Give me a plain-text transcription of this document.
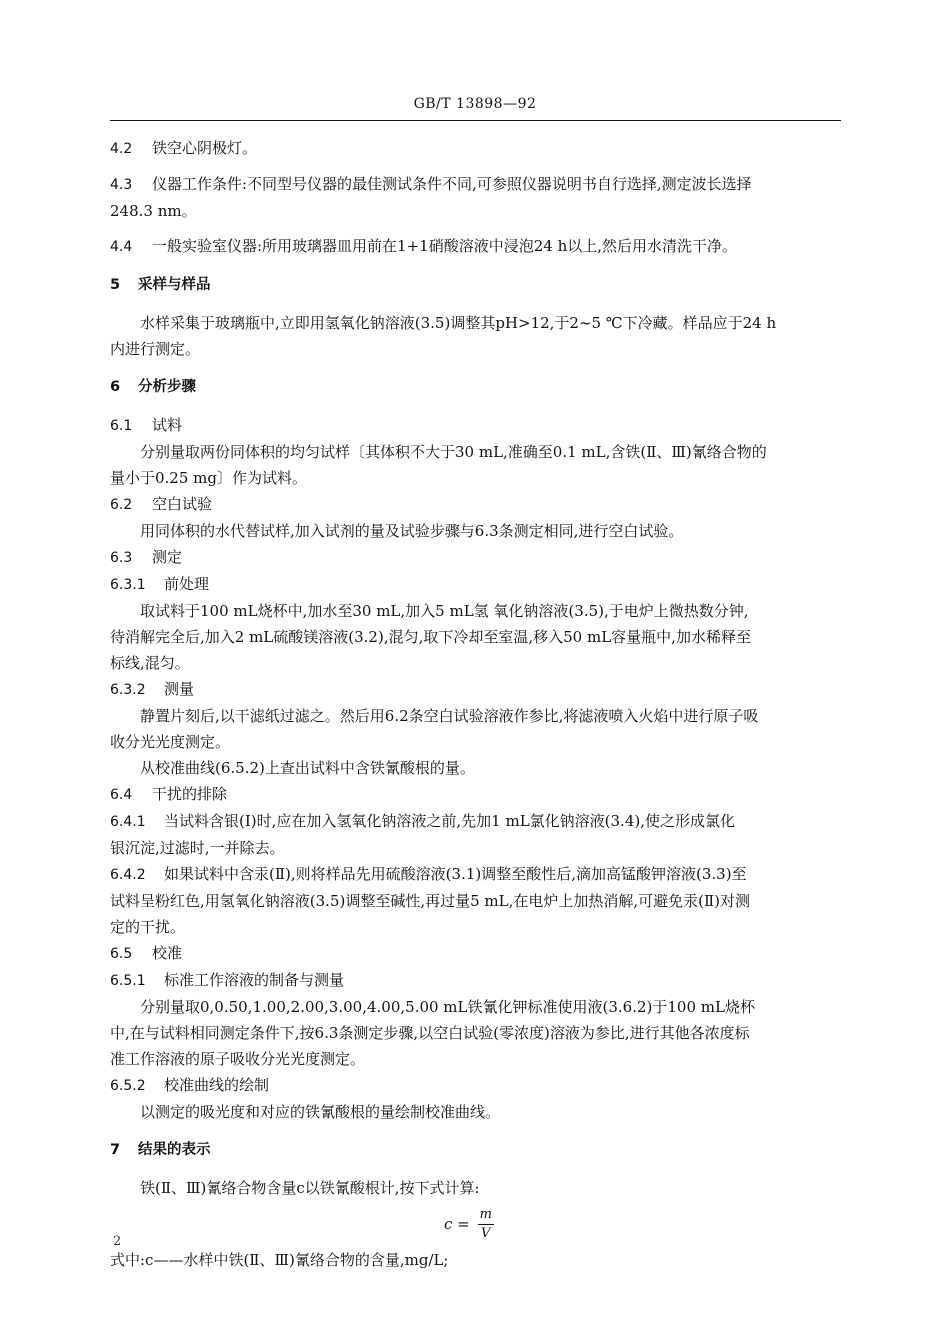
GB/T 13898—92

4.2 铁空心阴极灯。

4.3 仪器工作条件:不同型号仪器的最佳测试条件不同,可参照仪器说明书自行选择,测定波长选择

248.3 nm。

4.4 一般实验室仪器:所用玻璃器皿用前在1+1硝酸溶液中浸泡24 h以上,然后用水清洗干净。

5 采样与样品

水样采集于玻璃瓶中,立即用氢氧化钠溶液(3.5)调整其pH>12,于2~5 ℃下冷藏。样品应于24 h

内进行测定。

6 分析步骤

6.1 试料

分别量取两份同体积的均匀试样〔其体积不大于30 mL,准确至0.1 mL,含铁(Ⅱ、Ⅲ)氰络合物的

量小于0.25 mg〕作为试料。

6.2 空白试验

用同体积的水代替试样,加入试剂的量及试验步骤与6.3条测定相同,进行空白试验。

6.3 测定

6.3.1 前处理

取试料于100 mL烧杯中,加水至30 mL,加入5 mL氢 氧化钠溶液(3.5),于电炉上微热数分钟,

待消解完全后,加入2 mL硫酸镁溶液(3.2),混匀,取下冷却至室温,移入50 mL容量瓶中,加水稀释至

标线,混匀。

6.3.2 测量

静置片刻后,以干滤纸过滤之。然后用6.2条空白试验溶液作参比,将滤液喷入火焰中进行原子吸

收分光光度测定。

从校准曲线(6.5.2)上查出试料中含铁氰酸根的量。

6.4 干扰的排除

6.4.1 当试料含银(Ⅰ)时,应在加入氢氧化钠溶液之前,先加1 mL氯化钠溶液(3.4),使之形成氯化

银沉淀,过滤时,一并除去。

6.4.2 如果试料中含汞(Ⅱ),则将样品先用硫酸溶液(3.1)调整至酸性后,滴加高锰酸钾溶液(3.3)至

试料呈粉红色,用氢氧化钠溶液(3.5)调整至碱性,再过量5 mL,在电炉上加热消解,可避免汞(Ⅱ)对测

定的干扰。

6.5 校准

6.5.1 标准工作溶液的制备与测量

分别量取0,0.50,1.00,2.00,3.00,4.00,5.00 mL铁氰化钾标准使用液(3.6.2)于100 mL烧杯

中,在与试料相同测定条件下,按6.3条测定步骤,以空白试验(零浓度)溶液为参比,进行其他各浓度标

准工作溶液的原子吸收分光光度测定。

6.5.2 校准曲线的绘制

以测定的吸光度和对应的铁氰酸根的量绘制校准曲线。

7 结果的表示

铁(Ⅱ、Ⅲ)氰络合物含量c以铁氰酸根计,按下式计算:

$c = \frac{m}{V}$

式中:c——水样中铁(Ⅱ、Ⅲ)氰络合物的含量,mg/L;

2
